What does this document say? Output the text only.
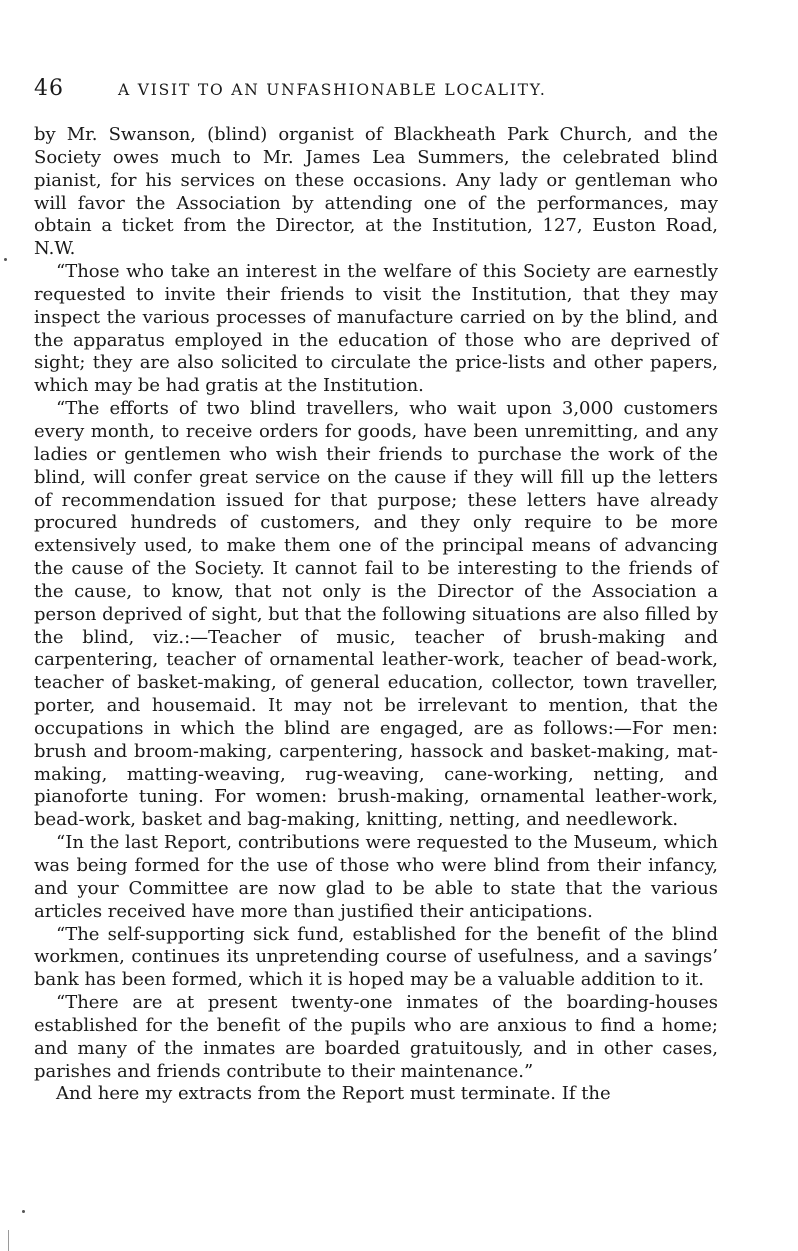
46	A VISIT TO AN UNFASHIONABLE LOCALITY.

by Mr. Swanson, (blind) organist of Blackheath Park Church, and the Society owes much to Mr. James Lea Summers, the celebrated blind pianist, for his services on these occasions. Any lady or gentleman who will favor the Association by attending one of the performances, may obtain a ticket from the Director, at the Institution, 127, Euston Road, N.W.

“Those who take an interest in the welfare of this Society are earnestly requested to invite their friends to visit the Institution, that they may inspect the various processes of manufacture carried on by the blind, and the apparatus employed in the education of those who are deprived of sight; they are also solicited to circulate the price-lists and other papers, which may be had gratis at the Institution.

“The efforts of two blind travellers, who wait upon 3,000 customers every month, to receive orders for goods, have been unremitting, and any ladies or gentlemen who wish their friends to purchase the work of the blind, will confer great service on the cause if they will fill up the letters of recommendation issued for that purpose; these letters have already procured hundreds of customers, and they only require to be more extensively used, to make them one of the principal means of advancing the cause of the Society. It cannot fail to be interesting to the friends of the cause, to know, that not only is the Director of the Association a person deprived of sight, but that the following situations are also filled by the blind, viz.:—Teacher of music, teacher of brush-making and carpentering, teacher of ornamental leather-work, teacher of bead-work, teacher of basket-making, of general education, collector, town traveller, porter, and housemaid. It may not be irrelevant to mention, that the occupations in which the blind are engaged, are as follows:—For men: brush and broom-making, carpentering, hassock and basket-making, mat-making, matting-weaving, rug-weaving, cane-working, netting, and pianoforte tuning. For women: brush-making, ornamental leather-work, bead-work, basket and bag-making, knitting, netting, and needlework.

“In the last Report, contributions were requested to the Museum, which was being formed for the use of those who were blind from their infancy, and your Committee are now glad to be able to state that the various articles received have more than justified their anticipations.

“The self-supporting sick fund, established for the benefit of the blind workmen, continues its unpretending course of usefulness, and a savings’ bank has been formed, which it is hoped may be a valuable addition to it.

“There are at present twenty-one inmates of the boarding-houses established for the benefit of the pupils who are anxious to find a home; and many of the inmates are boarded gratuitously, and in other cases, parishes and friends contribute to their maintenance.”

And here my extracts from the Report must terminate. If the
